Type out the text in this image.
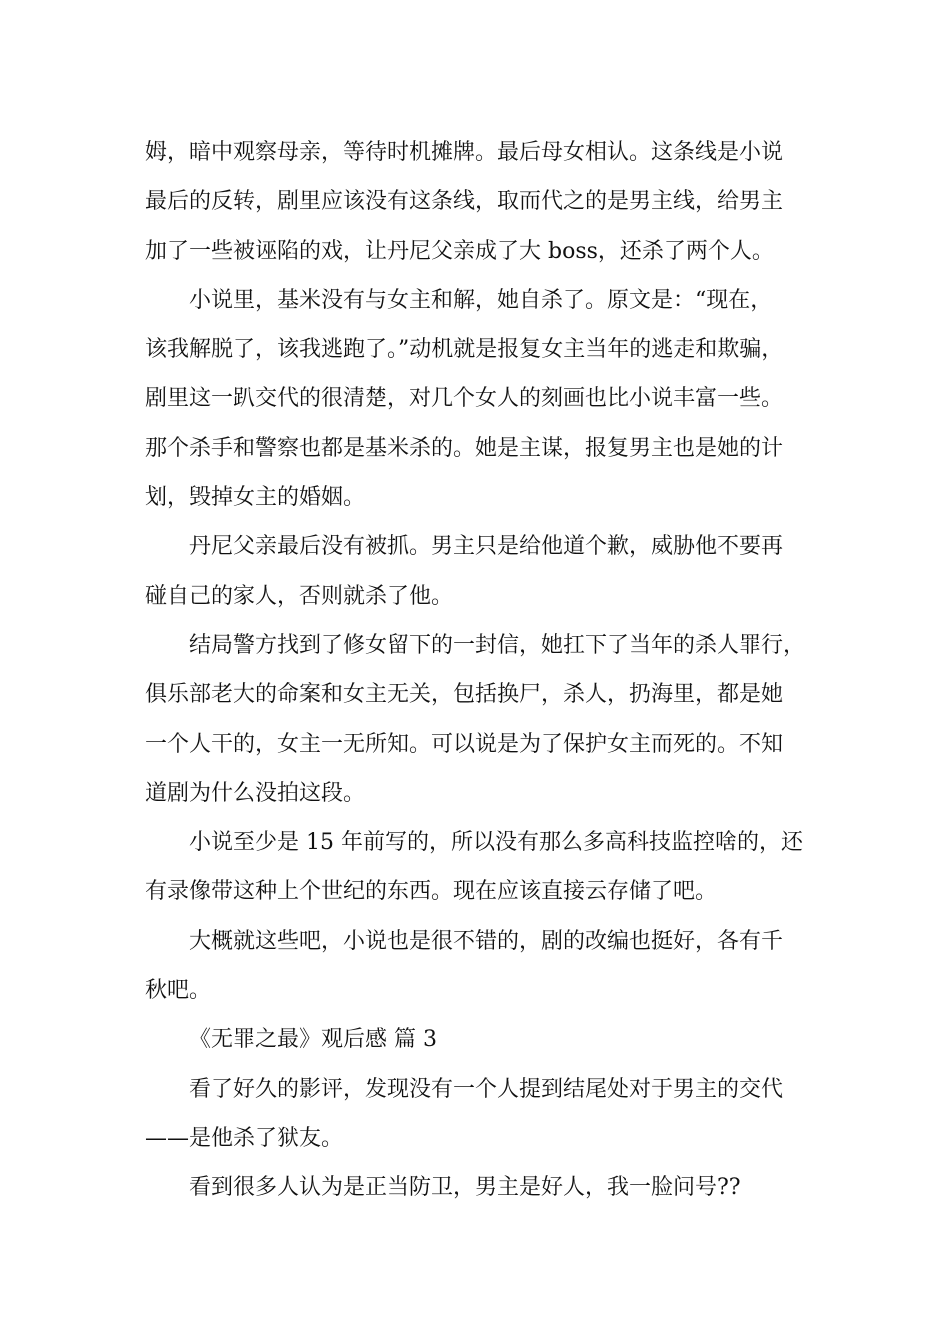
姆，暗中观察母亲，等待时机摊牌。最后母女相认。这条线是小说
最后的反转，剧里应该没有这条线，取而代之的是男主线，给男主
加了一些被诬陷的戏，让丹尼父亲成了大 boss，还杀了两个人。
小说里，基米没有与女主和解，她自杀了。原文是：“现在，
该我解脱了，该我逃跑了。”动机就是报复女主当年的逃走和欺骗，
剧里这一趴交代的很清楚，对几个女人的刻画也比小说丰富一些。
那个杀手和警察也都是基米杀的。她是主谋，报复男主也是她的计
划，毁掉女主的婚姻。
丹尼父亲最后没有被抓。男主只是给他道个歉，威胁他不要再
碰自己的家人，否则就杀了他。
结局警方找到了修女留下的一封信，她扛下了当年的杀人罪行，
俱乐部老大的命案和女主无关，包括换尸，杀人，扔海里，都是她
一个人干的，女主一无所知。可以说是为了保护女主而死的。不知
道剧为什么没拍这段。
小说至少是 15 年前写的，所以没有那么多高科技监控啥的，还
有录像带这种上个世纪的东西。现在应该直接云存储了吧。
大概就这些吧，小说也是很不错的，剧的改编也挺好，各有千
秋吧。
《无罪之最》观后感 篇 3
看了好久的影评，发现没有一个人提到结尾处对于男主的交代
——是他杀了狱友。
看到很多人认为是正当防卫，男主是好人，我一脸问号??
